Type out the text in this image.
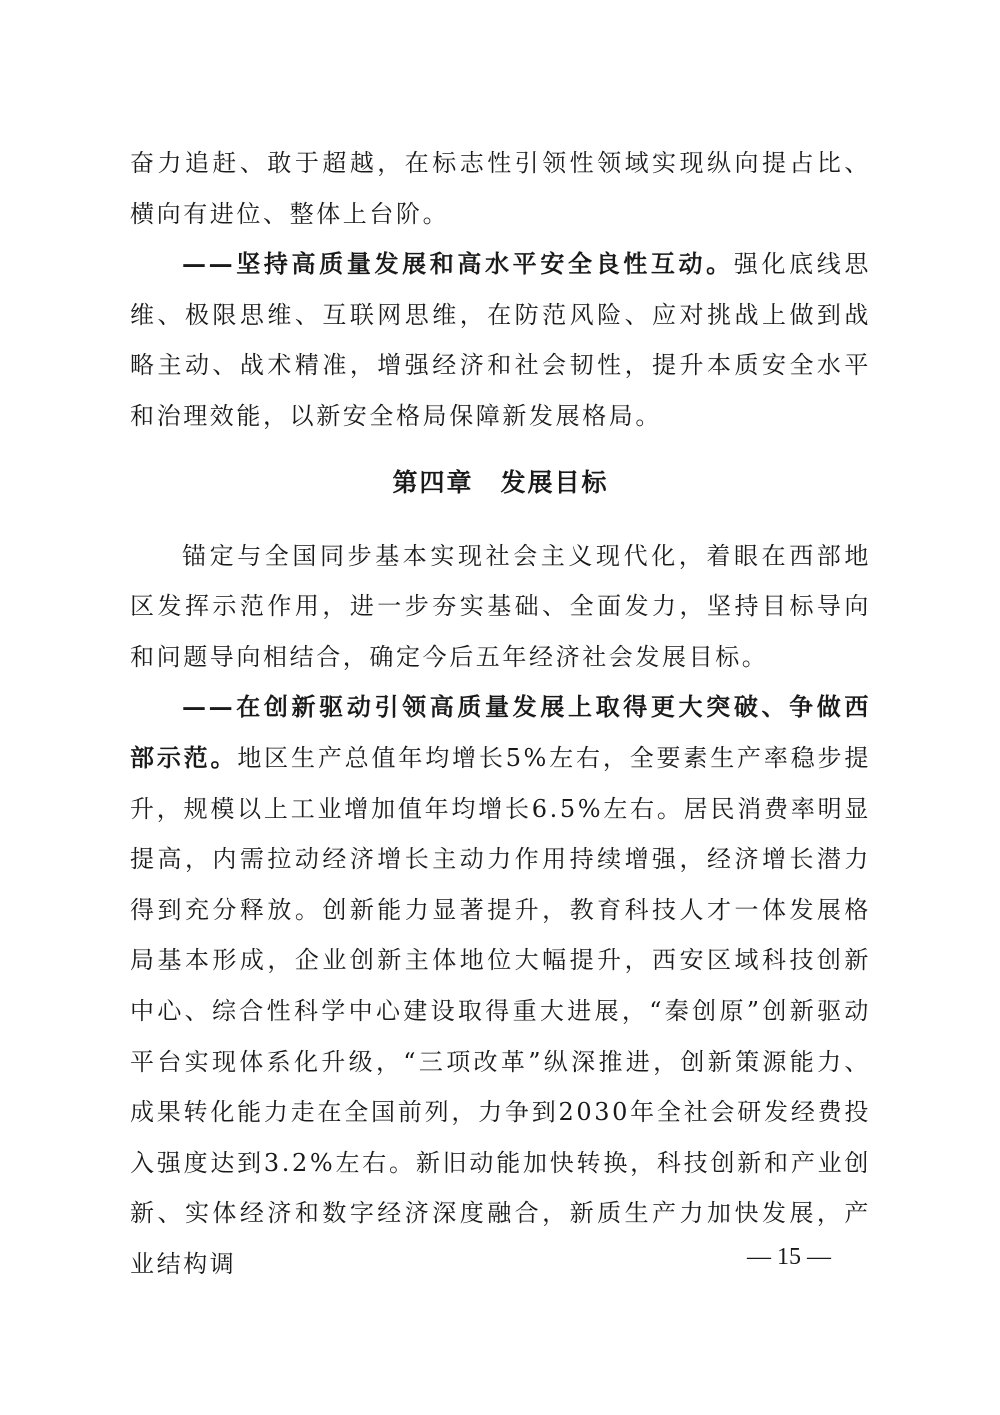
奋力追赶、敢于超越，在标志性引领性领域实现纵向提占比、横向有进位、整体上台阶。

——坚持高质量发展和高水平安全良性互动。强化底线思维、极限思维、互联网思维，在防范风险、应对挑战上做到战略主动、战术精准，增强经济和社会韧性，提升本质安全水平和治理效能，以新安全格局保障新发展格局。

第四章　发展目标

锚定与全国同步基本实现社会主义现代化，着眼在西部地区发挥示范作用，进一步夯实基础、全面发力，坚持目标导向和问题导向相结合，确定今后五年经济社会发展目标。

——在创新驱动引领高质量发展上取得更大突破、争做西部示范。地区生产总值年均增长5%左右，全要素生产率稳步提升，规模以上工业增加值年均增长6.5%左右。居民消费率明显提高，内需拉动经济增长主动力作用持续增强，经济增长潜力得到充分释放。创新能力显著提升，教育科技人才一体发展格局基本形成，企业创新主体地位大幅提升，西安区域科技创新中心、综合性科学中心建设取得重大进展，“秦创原”创新驱动平台实现体系化升级，“三项改革”纵深推进，创新策源能力、成果转化能力走在全国前列，力争到2030年全社会研发经费投入强度达到3.2%左右。新旧动能加快转换，科技创新和产业创新、实体经济和数字经济深度融合，新质生产力加快发展，产业结构调	— 15 —
